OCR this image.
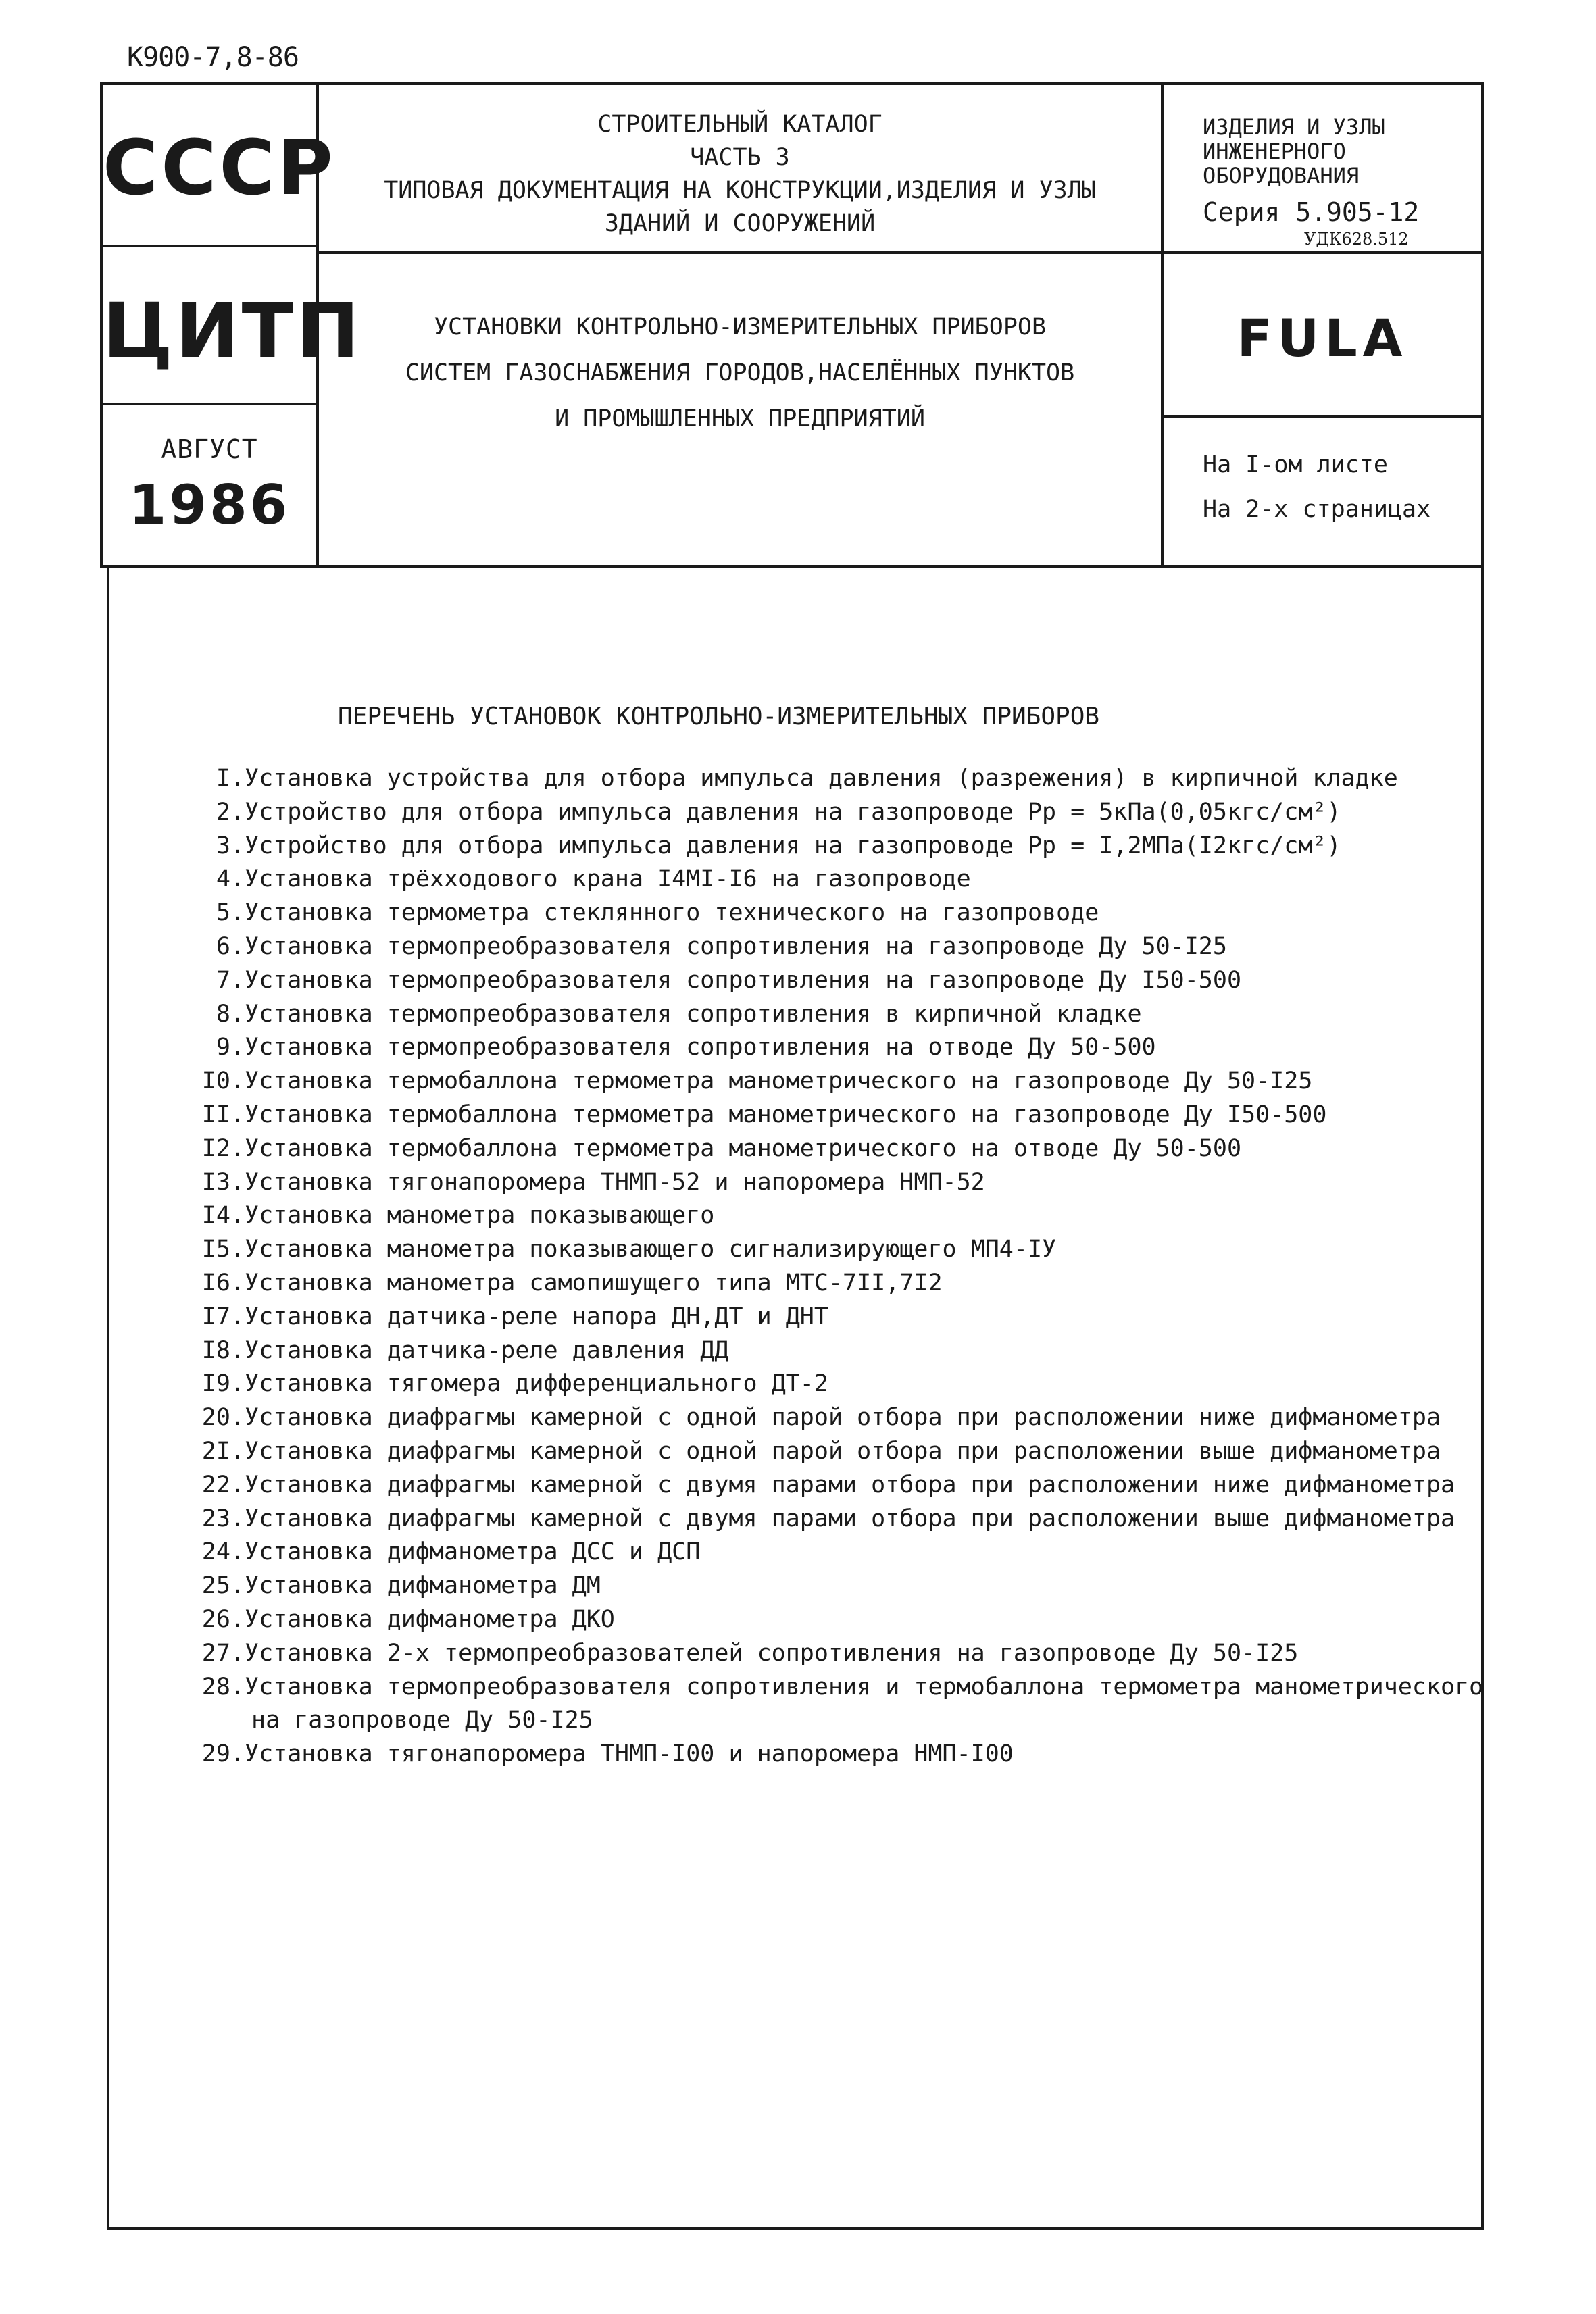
К900-7,8-86
СССР
ЦИТП
АВГУСТ
1986
СТРОИТЕЛЬНЫЙ КАТАЛОГ
ЧАСТЬ 3
ТИПОВАЯ ДОКУМЕНТАЦИЯ НА КОНСТРУКЦИИ,ИЗДЕЛИЯ И УЗЛЫ
ЗДАНИЙ И СООРУЖЕНИЙ
УСТАНОВКИ КОНТРОЛЬНО-ИЗМЕРИТЕЛЬНЫХ ПРИБОРОВ
СИСТЕМ ГАЗОСНАБЖЕНИЯ ГОРОДОВ,НАСЕЛЁННЫХ ПУНКТОВ
И ПРОМЫШЛЕННЫХ ПРЕДПРИЯТИЙ
ИЗДЕЛИЯ И УЗЛЫ
ИНЖЕНЕРНОГО
ОБОРУДОВАНИЯ
Серия 5.905-12
УДК628.512
FULA
На I-ом листе
На 2-х страницах
ПЕРЕЧЕНЬ УСТАНОВОК КОНТРОЛЬНО-ИЗМЕРИТЕЛЬНЫХ ПРИБОРОВ
I.Установка устройства для отбора импульса давления (разрежения) в кирпичной кладке
2.Устройство для отбора импульса давления на газопроводе Рр = 5кПа(0,05кгс/см²)
3.Устройство для отбора импульса давления на газопроводе Рр = I,2МПа(I2кгс/см²)
4.Установка трёхходового крана I4МI-I6 на газопроводе
5.Установка термометра стеклянного технического на газопроводе
6.Установка термопреобразователя сопротивления на газопроводе Ду 50-I25
7.Установка термопреобразователя сопротивления на газопроводе Ду I50-500
8.Установка термопреобразователя сопротивления в кирпичной кладке
9.Установка термопреобразователя сопротивления на отводе Ду 50-500
I0.Установка термобаллона термометра манометрического на газопроводе Ду 50-I25
II.Установка термобаллона термометра манометрического на газопроводе Ду I50-500
I2.Установка термобаллона термометра манометрического на отводе Ду 50-500
I3.Установка тягонапоромера ТНМП-52 и напоромера НМП-52
I4.Установка манометра показывающего
I5.Установка манометра показывающего сигнализирующего МП4-IУ
I6.Установка манометра самопишущего типа МТС-7II,7I2
I7.Установка датчика-реле напора ДН,ДТ и ДНТ
I8.Установка датчика-реле давления ДД
I9.Установка тягомера дифференциального ДТ-2
20.Установка диафрагмы камерной с одной парой отбора при расположении ниже дифманометра
2I.Установка диафрагмы камерной с одной парой отбора при расположении выше дифманометра
22.Установка диафрагмы камерной с двумя парами отбора при расположении ниже дифманометра
23.Установка диафрагмы камерной с двумя парами отбора при расположении выше дифманометра
24.Установка дифманометра ДСС и ДСП
25.Установка дифманометра ДМ
26.Установка дифманометра ДКО
27.Установка 2-х термопреобразователей сопротивления на газопроводе Ду 50-I25
28.Установка термопреобразователя сопротивления и термобаллона термометра манометрического
на газопроводе Ду 50-I25
29.Установка тягонапоромера ТНМП-I00 и напоромера НМП-I00
